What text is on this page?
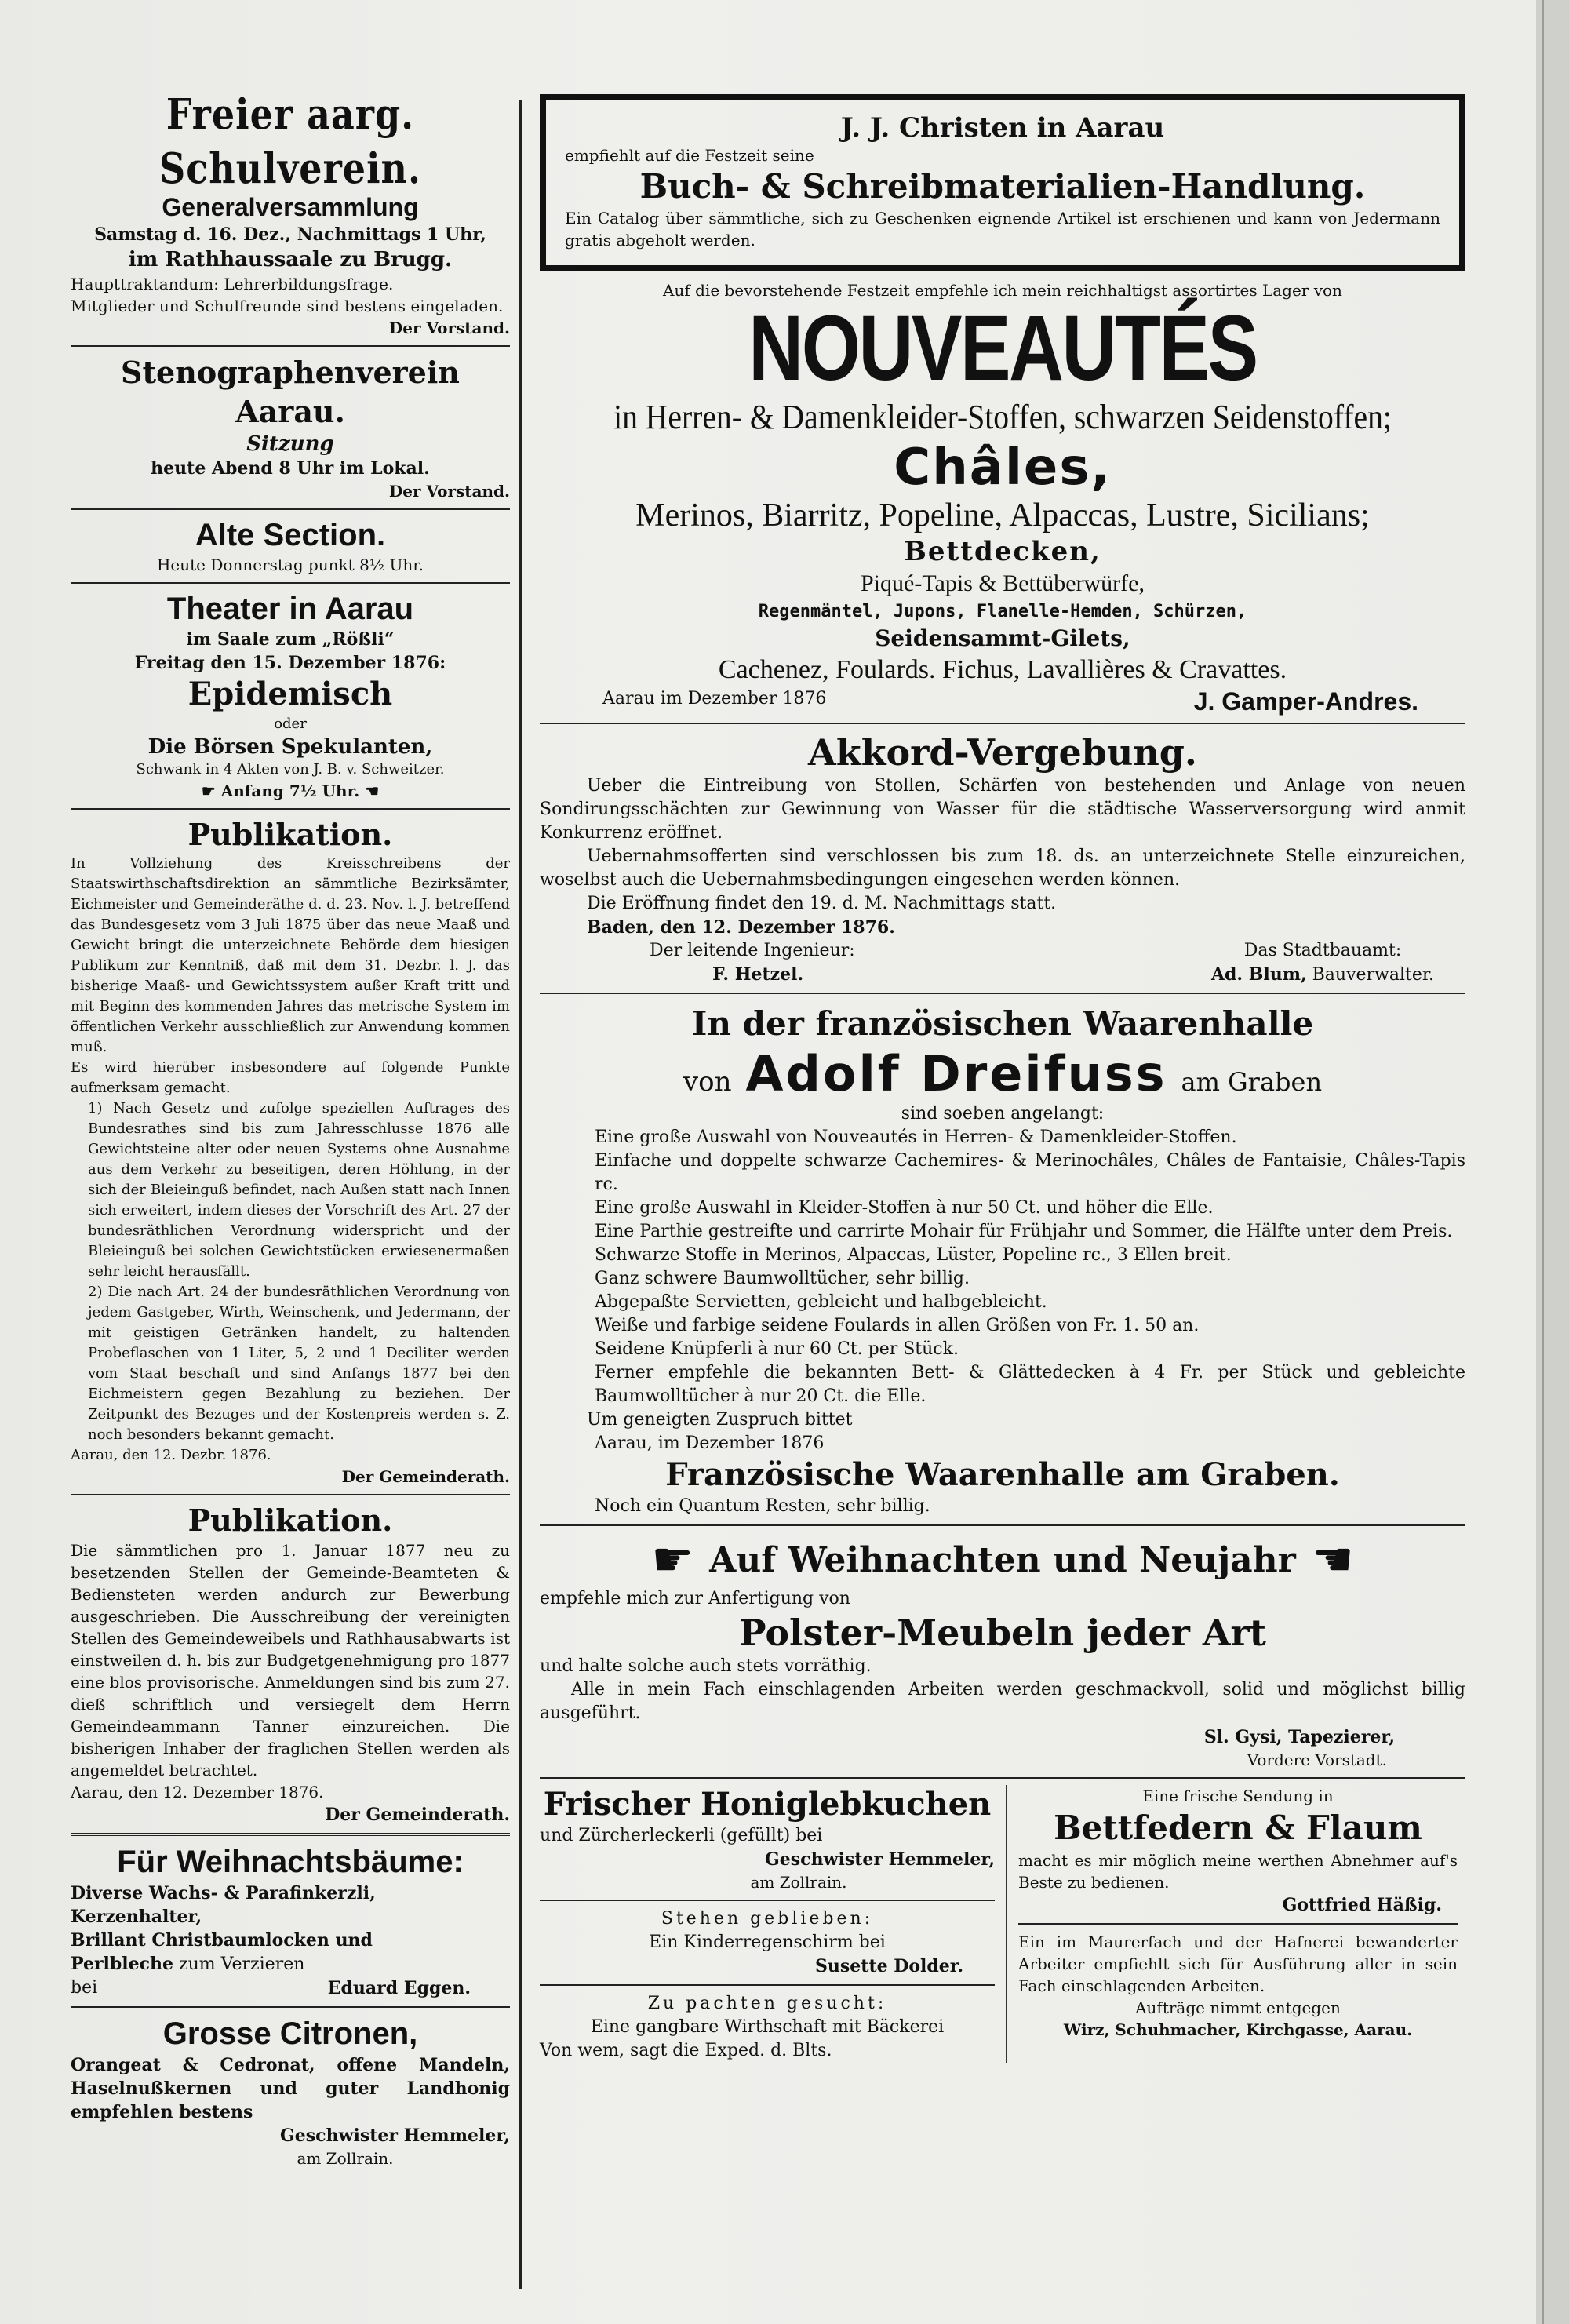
Freier aarg. Schulverein.
Generalversammlung
Samstag d. 16. Dez., Nachmittags 1 Uhr,
im Rathhaussaale zu Brugg.
Haupttraktandum: Lehrerbildungsfrage.
Mitglieder und Schulfreunde sind bestens eingeladen.
Der Vorstand.
Stenographenverein Aarau.
Sitzung
heute Abend 8 Uhr im Lokal.
Der Vorstand.
Alte Section.
Heute Donnerstag punkt 8½ Uhr.
Theater in Aarau
im Saale zum „Rößli“
Freitag den 15. Dezember 1876:
Epidemisch
oder
Die Börsen Spekulanten,
Schwank in 4 Akten von J. B. v. Schweitzer.
☛ Anfang 7½ Uhr. ☚
Publikation.

In Vollziehung des Kreisschreibens der Staatswirthschaftsdirektion an sämmtliche Bezirksämter, Eichmeister und Gemeinderäthe d. d. 23. Nov. l. J. betreffend das Bundesgesetz vom 3 Juli 1875 über das neue Maaß und Gewicht bringt die unterzeichnete Behörde dem hiesigen Publikum zur Kenntniß, daß mit dem 31. Dezbr. l. J. das bisherige Maaß- und Gewichtssystem außer Kraft tritt und mit Beginn des kommenden Jahres das metrische System im öffentlichen Verkehr ausschließlich zur Anwendung kommen muß.

Es wird hierüber insbesondere auf folgende Punkte aufmerksam gemacht.

1) Nach Gesetz und zufolge speziellen Auftrages des Bundesrathes sind bis zum Jahresschlusse 1876 alle Gewichtsteine alter oder neuen Systems ohne Ausnahme aus dem Verkehr zu beseitigen, deren Höhlung, in der sich der Bleieinguß befindet, nach Außen statt nach Innen sich erweitert, indem dieses der Vorschrift des Art. 27 der bundesräthlichen Verordnung widerspricht und der Bleieinguß bei solchen Gewichtstücken erwiesenermaßen sehr leicht herausfällt.

2) Die nach Art. 24 der bundesräthlichen Verordnung von jedem Gastgeber, Wirth, Weinschenk, und Jedermann, der mit geistigen Getränken handelt, zu haltenden Probeflaschen von 1 Liter, 5, 2 und 1 Deciliter werden vom Staat beschaft und sind Anfangs 1877 bei den Eichmeistern gegen Bezahlung zu beziehen. Der Zeitpunkt des Bezuges und der Kostenpreis werden s. Z. noch besonders bekannt gemacht.

Aarau, den 12. Dezbr. 1876.
Der Gemeinderath.
Publikation.

Die sämmtlichen pro 1. Januar 1877 neu zu besetzenden Stellen der Gemeinde-Beamteten & Bediensteten werden andurch zur Bewerbung ausgeschrieben. Die Ausschreibung der vereinigten Stellen des Gemeindeweibels und Rathhausabwarts ist einstweilen d. h. bis zur Budgetgenehmigung pro 1877 eine blos provisorische. Anmeldungen sind bis zum 27. dieß schriftlich und versiegelt dem Herrn Gemeindeammann Tanner einzureichen. Die bisherigen Inhaber der fraglichen Stellen werden als angemeldet betrachtet.

Aarau, den 12. Dezember 1876.
Der Gemeinderath.
Für Weihnachtsbäume:
Diverse Wachs- & Parafinkerzli,
Kerzenhalter,
Brillant Christbaumlocken und
Perlbleche zum Verzieren
bei	Eduard Eggen.
Grosse Citronen,

Orangeat & Cedronat, offene Mandeln, Haselnußkernen und guter Landhonig empfehlen bestens

Geschwister Hemmeler,
am Zollrain.
J. J. Christen in Aarau
empfiehlt auf die Festzeit seine
Buch- & Schreibmaterialien-Handlung.

Ein Catalog über sämmtliche, sich zu Geschenken eignende Artikel ist erschienen und kann von Jedermann gratis abgeholt werden.

Auf die bevorstehende Festzeit empfehle ich mein reichhaltigst assortirtes Lager von
NOUVEAUTÉS
in Herren- & Damenkleider-Stoffen, schwarzen Seidenstoffen;
Châles,
Merinos, Biarritz, Popeline, Alpaccas, Lustre, Sicilians;
Bettdecken,
Piqué-Tapis & Bettüberwürfe,
Regenmäntel, Jupons, Flanelle-Hemden, Schürzen,
Seidensammt-Gilets,
Cachenez, Foulards. Fichus, Lavallières & Cravattes.
Aarau im Dezember 1876	J. Gamper-Andres.
Akkord-Vergebung.

Ueber die Eintreibung von Stollen, Schärfen von bestehenden und Anlage von neuen Sondirungsschächten zur Gewinnung von Wasser für die städtische Wasserversorgung wird anmit Konkurrenz eröffnet.

Uebernahmsofferten sind verschlossen bis zum 18. ds. an unterzeichnete Stelle einzureichen, woselbst auch die Uebernahmsbedingungen eingesehen werden können.

Die Eröffnung findet den 19. d. M. Nachmittags statt.

Baden, den 12. Dezember 1876.
Der leitende Ingenieur:
F. Hetzel.
Das Stadtbauamt:
Ad. Blum, Bauverwalter.
In der französischen Waarenhalle
von Adolf Dreifuss am Graben
sind soeben angelangt:

Eine große Auswahl von Nouveautés in Herren- & Damenkleider-Stoffen.

Einfache und doppelte schwarze Cachemires- & Merinochâles, Châles de Fantaisie, Châles-Tapis rc.

Eine große Auswahl in Kleider-Stoffen à nur 50 Ct. und höher die Elle.

Eine Parthie gestreifte und carrirte Mohair für Frühjahr und Sommer, die Hälfte unter dem Preis.

Schwarze Stoffe in Merinos, Alpaccas, Lüster, Popeline rc., 3 Ellen breit.

Ganz schwere Baumwolltücher, sehr billig.

Abgepaßte Servietten, gebleicht und halbgebleicht.

Weiße und farbige seidene Foulards in allen Größen von Fr. 1. 50 an.

Seidene Knüpferli à nur 60 Ct. per Stück.

Ferner empfehle die bekannten Bett- & Glättedecken à 4 Fr. per Stück und gebleichte Baumwolltücher à nur 20 Ct. die Elle.

Um geneigten Zuspruch bittet
Aarau, im Dezember 1876
Französische Waarenhalle am Graben.
Noch ein Quantum Resten, sehr billig.
☛ Auf Weihnachten und Neujahr ☚
empfehle mich zur Anfertigung von
Polster-Meubeln jeder Art
und halte solche auch stets vorräthig.

Alle in mein Fach einschlagenden Arbeiten werden geschmackvoll, solid und möglichst billig ausgeführt.

Sl. Gysi, Tapezierer,
Vordere Vorstadt.
Frischer Honiglebkuchen
und Zürcherleckerli (gefüllt) bei
Geschwister Hemmeler,
am Zollrain.
Stehen geblieben:
Ein Kinderregenschirm bei
Susette Dolder.
Zu pachten gesucht:
Eine gangbare Wirthschaft mit Bäckerei
Von wem, sagt die Exped. d. Blts.
Eine frische Sendung in
Bettfedern & Flaum

macht es mir möglich meine werthen Abnehmer auf's Beste zu bedienen.

Gottfried Häßig.

Ein im Maurerfach und der Hafnerei bewanderter Arbeiter empfiehlt sich für Ausführung aller in sein Fach einschlagenden Arbeiten.

Aufträge nimmt entgegen
Wirz, Schuhmacher, Kirchgasse, Aarau.
